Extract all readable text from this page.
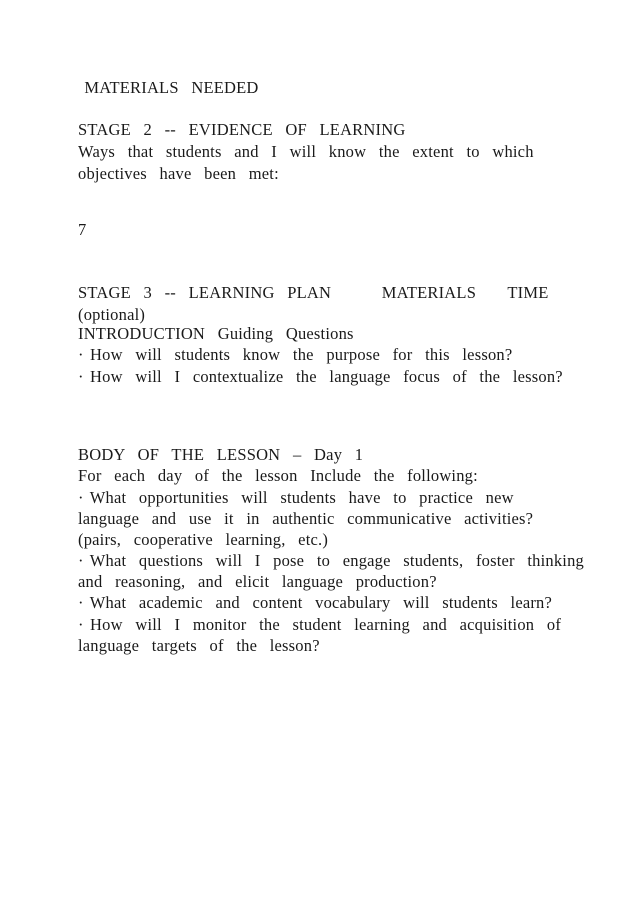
MATERIALS  NEEDED
STAGE  2  --  EVIDENCE  OF  LEARNING
Ways  that  students  and  I  will  know  the  extent  to  which
objectives  have  been  met:
7
STAGE  3  --  LEARNING  PLAN        MATERIALS     TIME
(optional)
INTRODUCTION  Guiding  Questions
· How  will  students  know  the  purpose  for  this  lesson?
· How  will  I  contextualize  the  language  focus  of  the  lesson?
BODY  OF  THE  LESSON  –  Day  1
For  each  day  of  the  lesson  Include  the  following:
· What  opportunities  will  students  have  to  practice  new
language  and  use  it  in  authentic  communicative  activities?
(pairs,  cooperative  learning,  etc.)
· What  questions  will  I  pose  to  engage  students,  foster  thinking
and  reasoning,  and  elicit  language  production?
· What  academic  and  content  vocabulary  will  students  learn?
· How  will  I  monitor  the  student  learning  and  acquisition  of
language  targets  of  the  lesson?
